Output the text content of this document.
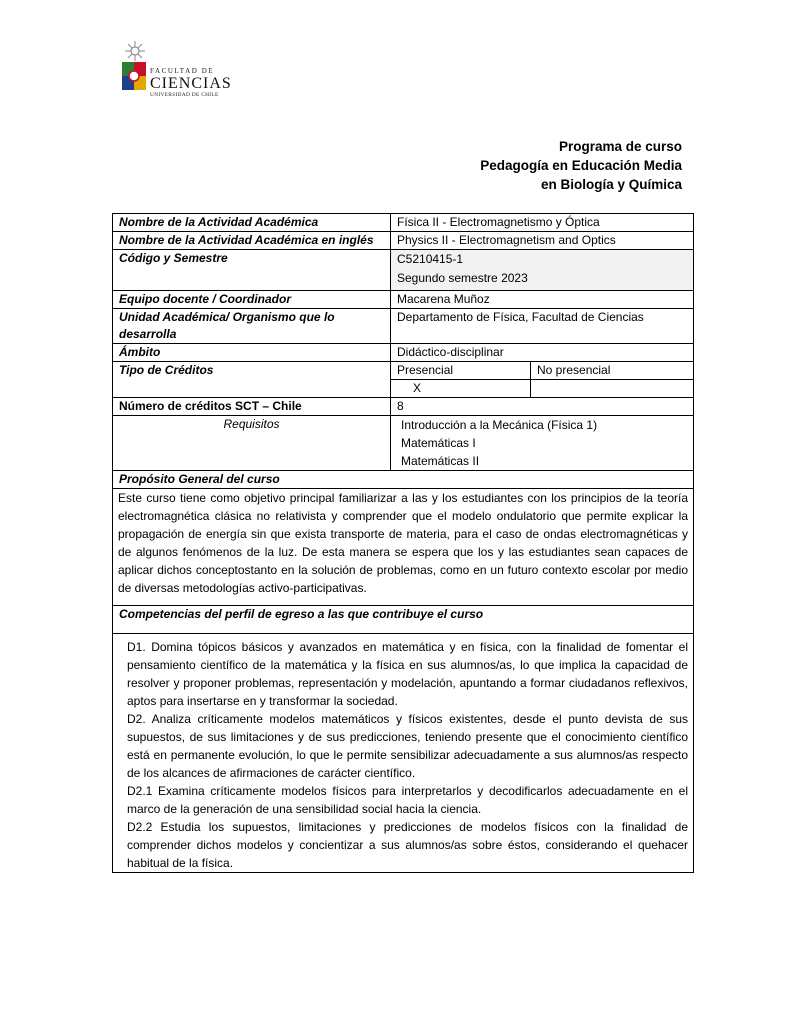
FACULTAD DE
CIENCIAS
UNIVERSIDAD DE CHILE
Programa de curso
Pedagogía en Educación Media
en Biología y Química
Nombre de la Actividad Académica	Física II - Electromagnetismo y Óptica	
Nombre de la Actividad Académica en inglés	Physics II - Electromagnetism and Optics	
Código y Semestre	C5210415-1
Segundo semestre 2023	

Equipo docente / Coordinador	Macarena Muñoz	
Unidad Académica/ Organismo que lo desarrolla	Departamento de Física, Facultad de Ciencias	
Ámbito	Didáctico-disciplinar	
Tipo de Créditos	Presencial	No presencial
	X	
Número de créditos SCT – Chile	8	
Requisitos	Introducción a la Mecánica (Física 1)
Matemáticas I
Matemáticas II	

Propósito General del curso		
Este curso tiene como objetivo principal familiarizar a las y los estudiantes con los principios de la teoría electromagnética clásica no relativista y comprender que el modelo ondulatorio que permite explicar la propagación de energía sin que exista transporte de materia, para el caso de ondas electromagnéticas y de algunos fenómenos de la luz. De esta manera se espera que los y las estudiantes sean capaces de aplicar dichos conceptostanto en la solución de problemas, como en un futuro contexto escolar por medio de diversas metodologías activo-participativas.		
Competencias del perfil de egreso a las que contribuye el curso		

D1. Domina tópicos básicos y avanzados en matemática y en física, con la finalidad de fomentar el pensamiento científico de la matemática y la física en sus alumnos/as, lo que implica la capacidad de resolver y proponer problemas, representación y modelación, apuntando a formar ciudadanos reflexivos, aptos para insertarse en y transformar la sociedad.

D2. Analiza críticamente modelos matemáticos y físicos existentes, desde el punto devista de sus supuestos, de sus limitaciones y de sus predicciones, teniendo presente que el conocimiento científico está en permanente evolución, lo que le permite sensibilizar adecuadamente a sus alumnos/as respecto de los alcances de afirmaciones de carácter científico.

D2.1 Examina críticamente modelos físicos para interpretarlos y decodificarlos adecuadamente en el marco de la generación de una sensibilidad social hacia la ciencia.

D2.2 Estudia los supuestos, limitaciones y predicciones de modelos físicos con la finalidad de comprender dichos modelos y concientizar a sus alumnos/as sobre éstos, considerando el quehacer habitual de la física.		
